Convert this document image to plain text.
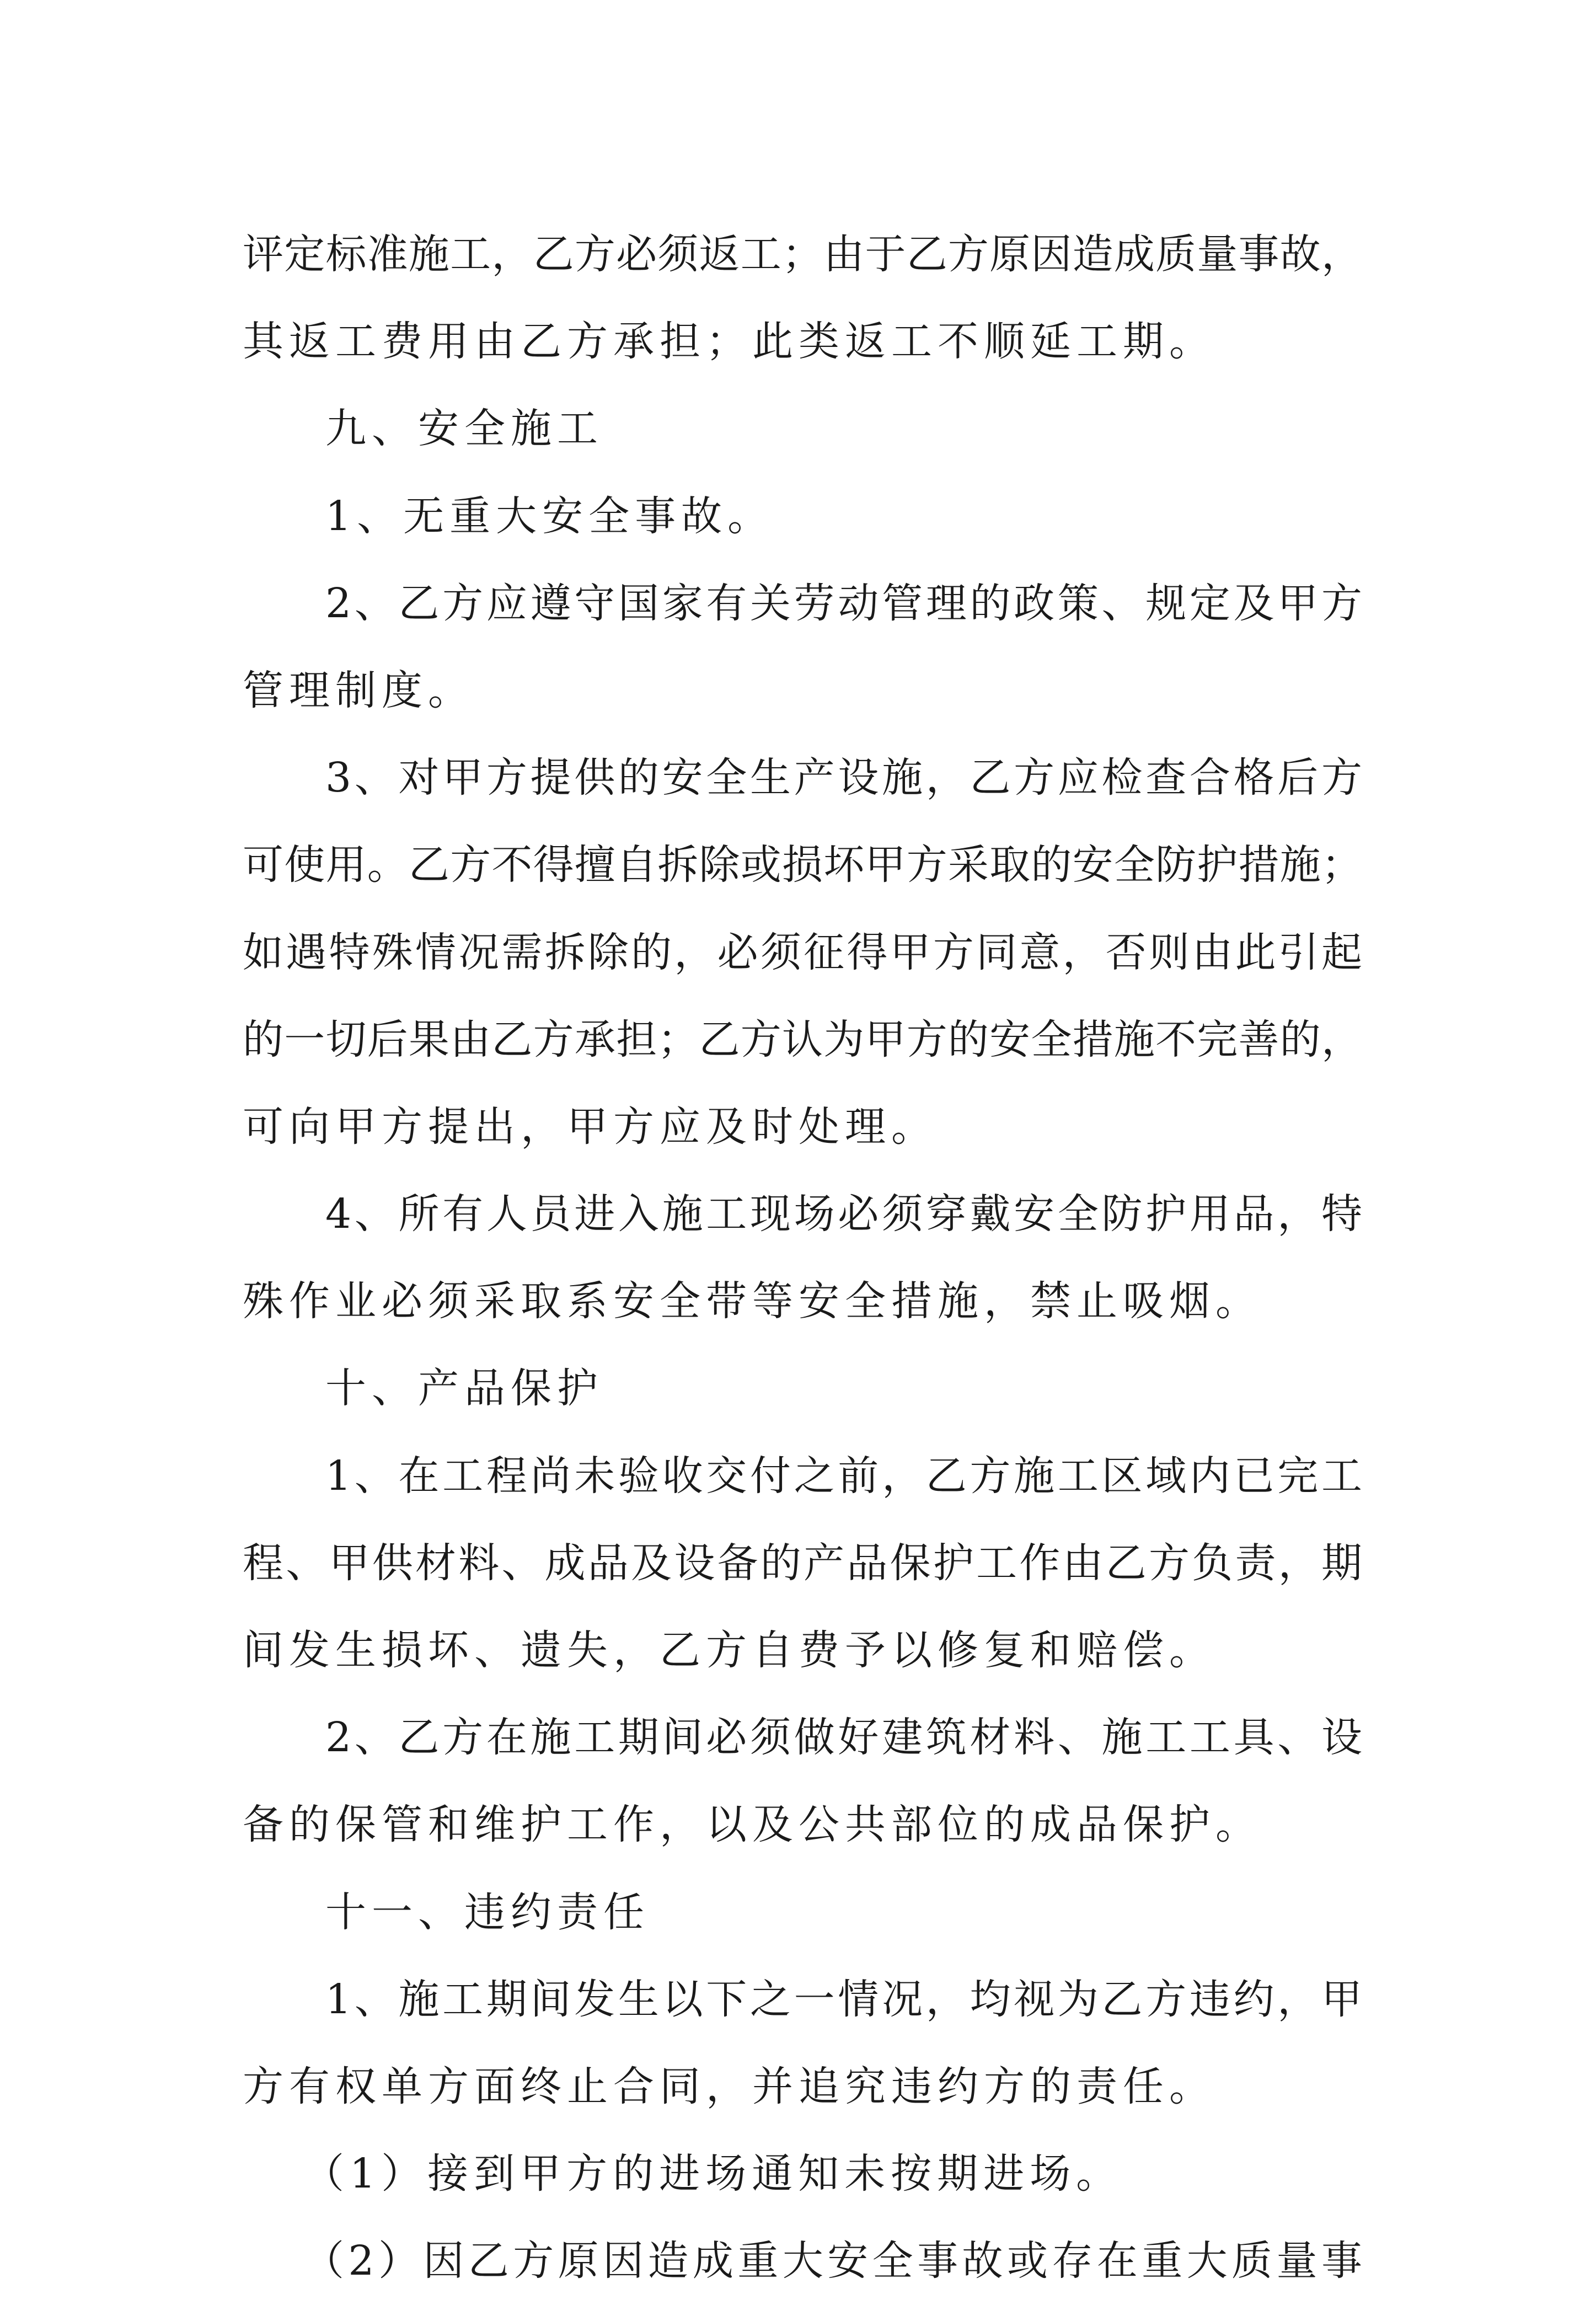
评定标准施工，乙方必须返工；由于乙方原因造成质量事故，
其返工费用由乙方承担；此类返工不顺延工期。
九、安全施工
1、无重大安全事故。
2、乙方应遵守国家有关劳动管理的政策、规定及甲方
管理制度。
3、对甲方提供的安全生产设施，乙方应检查合格后方
可使用。乙方不得擅自拆除或损坏甲方采取的安全防护措施；
如遇特殊情况需拆除的，必须征得甲方同意，否则由此引起
的一切后果由乙方承担；乙方认为甲方的安全措施不完善的，
可向甲方提出，甲方应及时处理。
4、所有人员进入施工现场必须穿戴安全防护用品，特
殊作业必须采取系安全带等安全措施，禁止吸烟。
十、产品保护
1、在工程尚未验收交付之前，乙方施工区域内已完工
程、甲供材料、成品及设备的产品保护工作由乙方负责，期
间发生损坏、遗失，乙方自费予以修复和赔偿。
2、乙方在施工期间必须做好建筑材料、施工工具、设
备的保管和维护工作，以及公共部位的成品保护。
十一、违约责任
1、施工期间发生以下之一情况，均视为乙方违约，甲
方有权单方面终止合同，并追究违约方的责任。
（1）接到甲方的进场通知未按期进场。
（2）因乙方原因造成重大安全事故或存在重大质量事
